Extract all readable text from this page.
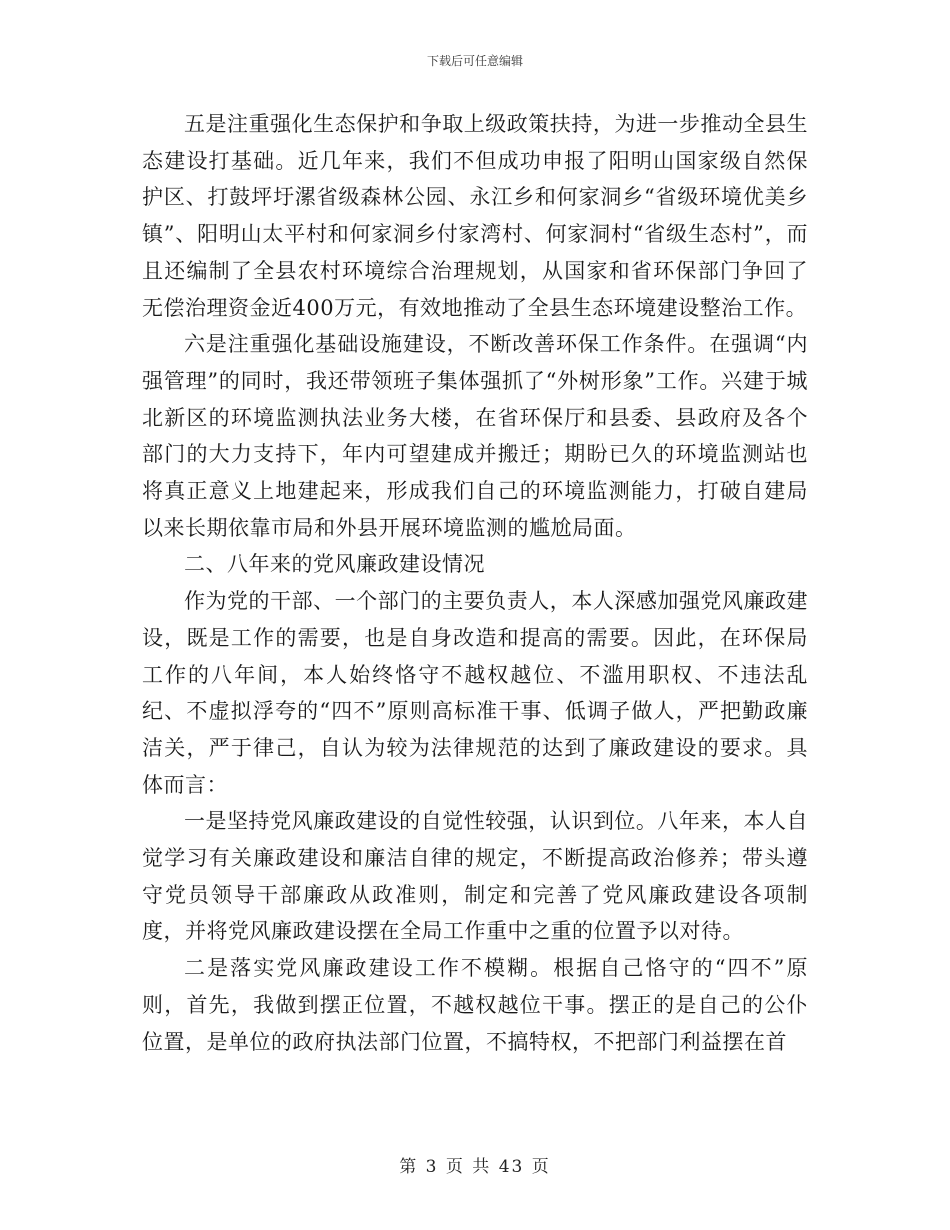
下载后可任意编辑

五是注重强化生态保护和争取上级政策扶持，为进一步推动全县生态建设打基础。近几年来，我们不但成功申报了阳明山国家级自然保护区、打鼓坪圩漯省级森林公园、永江乡和何家洞乡“省级环境优美乡镇”、阳明山太平村和何家洞乡付家湾村、何家洞村“省级生态村”，而且还编制了全县农村环境综合治理规划，从国家和省环保部门争回了无偿治理资金近400万元，有效地推动了全县生态环境建设整治工作。

六是注重强化基础设施建设，不断改善环保工作条件。在强调“内强管理”的同时，我还带领班子集体强抓了“外树形象”工作。兴建于城北新区的环境监测执法业务大楼，在省环保厅和县委、县政府及各个部门的大力支持下，年内可望建成并搬迁；期盼已久的环境监测站也将真正意义上地建起来，形成我们自己的环境监测能力，打破自建局以来长期依靠市局和外县开展环境监测的尴尬局面。

二、八年来的党风廉政建设情况

作为党的干部、一个部门的主要负责人，本人深感加强党风廉政建设，既是工作的需要，也是自身改造和提高的需要。因此，在环保局工作的八年间，本人始终恪守不越权越位、不滥用职权、不违法乱纪、不虚拟浮夸的“四不”原则高标准干事、低调子做人，严把勤政廉洁关，严于律己，自认为较为法律规范的达到了廉政建设的要求。具体而言：

一是坚持党风廉政建设的自觉性较强，认识到位。八年来，本人自觉学习有关廉政建设和廉洁自律的规定，不断提高政治修养；带头遵守党员领导干部廉政从政准则，制定和完善了党风廉政建设各项制度，并将党风廉政建设摆在全局工作重中之重的位置予以对待。

二是落实党风廉政建设工作不模糊。根据自己恪守的“四不”原则，首先，我做到摆正位置，不越权越位干事。摆正的是自己的公仆位置，是单位的政府执法部门位置，不搞特权，不把部门利益摆在首

第 3 页 共 43 页
